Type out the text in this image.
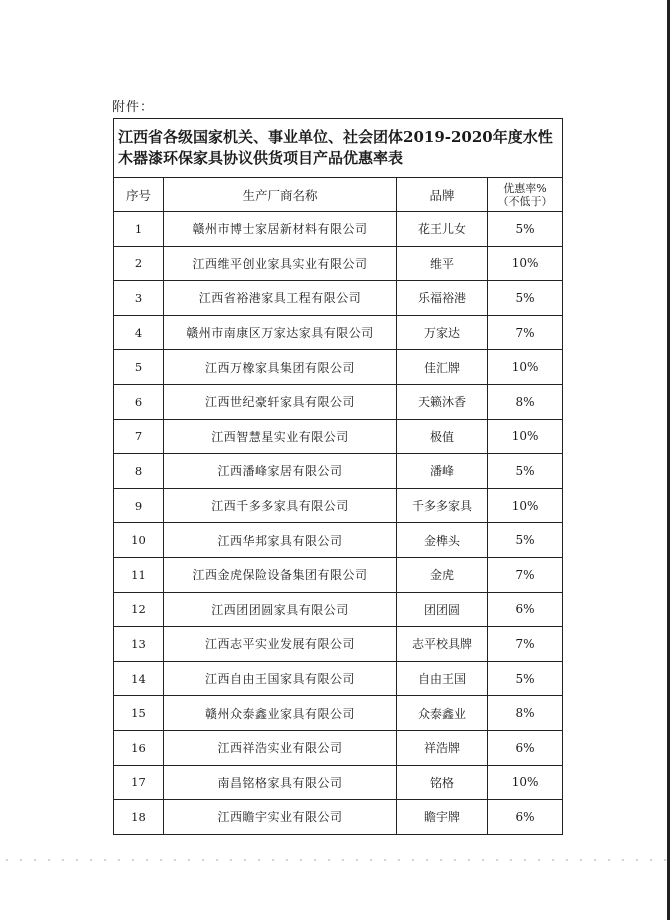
附件：
江西省各级国家机关、事业单位、社会团体2019-2020年度水性木器漆环保家具协议供货项目产品优惠率表			
序号	生产厂商名称	品牌	优惠率%
（不低于）

1	赣州市博士家居新材料有限公司	花王儿女	5%
2	江西维平创业家具实业有限公司	维平	10%
3	江西省裕港家具工程有限公司	乐福裕港	5%
4	赣州市南康区万家达家具有限公司	万家达	7%
5	江西万橡家具集团有限公司	佳汇牌	10%
6	江西世纪豪轩家具有限公司	天籁沐香	8%
7	江西智慧星实业有限公司	极值	10%
8	江西潘峰家居有限公司	潘峰	5%
9	江西千多多家具有限公司	千多多家具	10%
10	江西华邦家具有限公司	金榫头	5%
11	江西金虎保险设备集团有限公司	金虎	7%
12	江西团团圆家具有限公司	团团圆	6%
13	江西志平实业发展有限公司	志平校具牌	7%
14	江西自由王国家具有限公司	自由王国	5%
15	赣州众泰鑫业家具有限公司	众泰鑫业	8%
16	江西祥浩实业有限公司	祥浩牌	6%
17	南昌铭格家具有限公司	铭格	10%
18	江西瞻宇实业有限公司	瞻宇牌	6%
